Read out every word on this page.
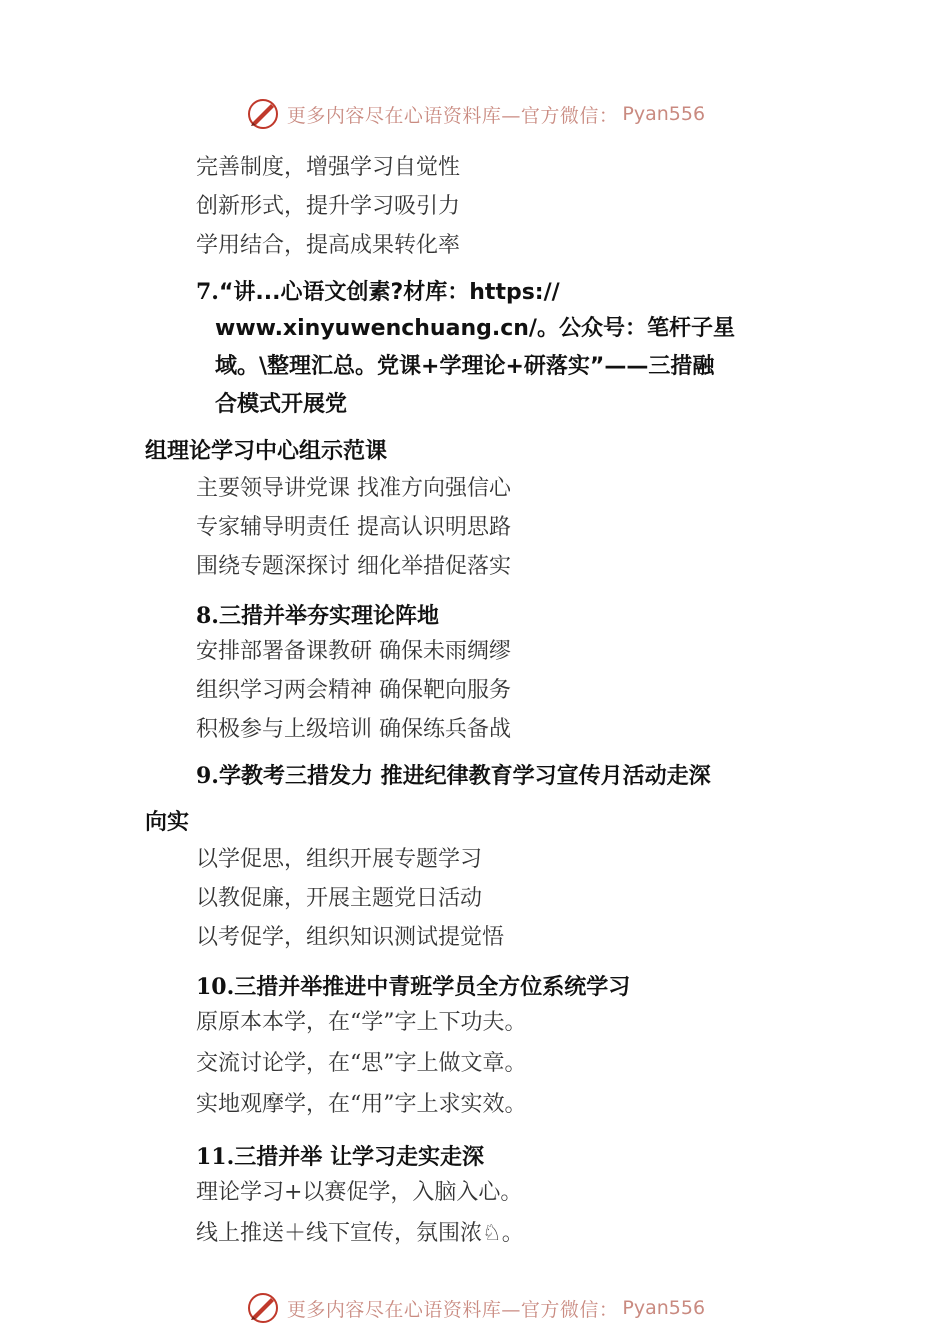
更多内容尽在心语资料库—官方微信： Pyan556
完善制度，增强学习自觉性
创新形式，提升学习吸引力
学用结合，提高成果转化率
7.“讲...心语文创素?材库：https://
www.xinyuwenchuang.cn/。公众号：笔杆子星
域。\整理汇总。党课+学理论+研落实”——三措融
合模式开展党
组理论学习中心组示范课
主要领导讲党课 找准方向强信心
专家辅导明责任 提高认识明思路
围绕专题深探讨 细化举措促落实
8.三措并举夯实理论阵地
安排部署备课教研 确保未雨绸缪
组织学习两会精神 确保靶向服务
积极参与上级培训 确保练兵备战
9.学教考三措发力 推进纪律教育学习宣传月活动走深
向实
以学促思，组织开展专题学习
以教促廉，开展主题党日活动
以考促学，组织知识测试提觉悟
10.三措并举推进中青班学员全方位系统学习
原原本本学，在“学”字上下功夫。
交流讨论学，在“思”字上做文章。
实地观摩学，在“用”字上求实效。
11.三措并举 让学习走实走深
理论学习+以赛促学，入脑入心。
线上推送＋线下宣传，氛围浓♘。
更多内容尽在心语资料库—官方微信： Pyan556
